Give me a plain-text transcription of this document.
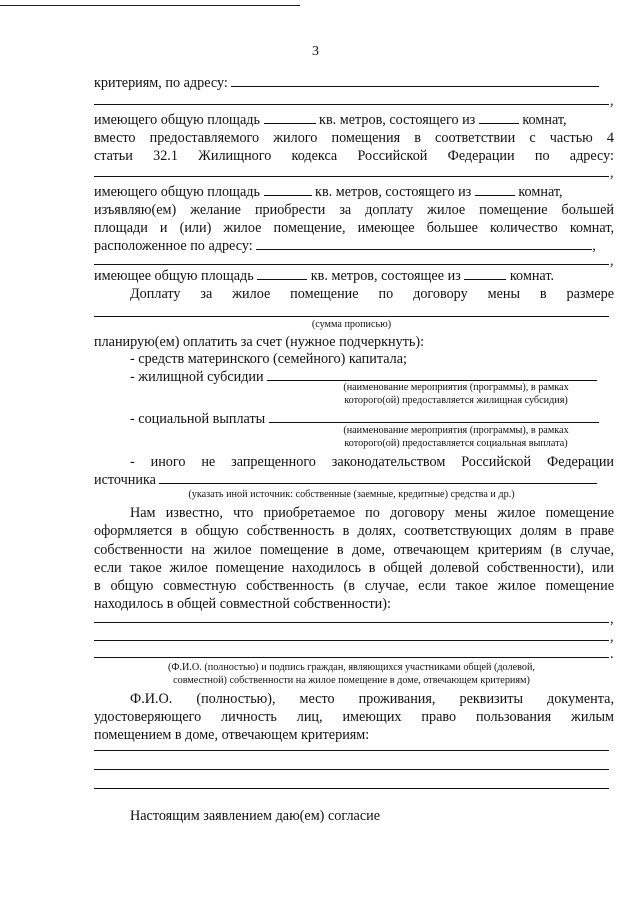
3
критериям, по адресу:
,
имеющего общую площадь	кв. метров, состоящего из	комнат,
вместо предоставляемого жилого помещения в соответствии с частью 4
статьи 32.1 Жилищного кодекса Российской Федерации по адресу:
,
имеющего общую площадь	кв. метров, состоящего из	комнат,
изъявляю(ем) желание приобрести за доплату жилое помещение большей
площади и (или) жилое помещение, имеющее большее количество комнат,
расположенное по адресу:	,
,
имеющее общую площадь	кв. метров, состоящее из	комнат.
Доплату за жилое помещение по договору мены в размере
(сумма прописью)
планирую(ем) оплатить за счет (нужное подчеркнуть):
- средств материнского (семейного) капитала;
- жилищной субсидии
(наименование мероприятия (программы), в рамках
которого(ой) предоставляется жилищная субсидия)
- социальной выплаты
(наименование мероприятия (программы), в рамках
которого(ой) предоставляется социальная выплата)
- иного не запрещенного законодательством Российской Федерации
источника
(указать иной источник: собственные (заемные, кредитные) средства и др.)
Нам известно, что приобретаемое по договору мены жилое помещение
оформляется в общую собственность в долях, соответствующих долям в праве
собственности на жилое помещение в доме, отвечающем критериям (в случае,
если такое жилое помещение находилось в общей долевой собственности), или
в общую совместную собственность (в случае, если такое жилое помещение
находилось в общей совместной собственности):
,
,
.
(Ф.И.О. (полностью) и подпись граждан, являющихся участниками общей (долевой,
совместной) собственности на жилое помещение в доме, отвечающем критериям)
Ф.И.О. (полностью), место проживания, реквизиты документа,
удостоверяющего личность лиц, имеющих право пользования жилым
помещением в доме, отвечающем критериям:
Настоящим заявлением даю(ем) согласие
